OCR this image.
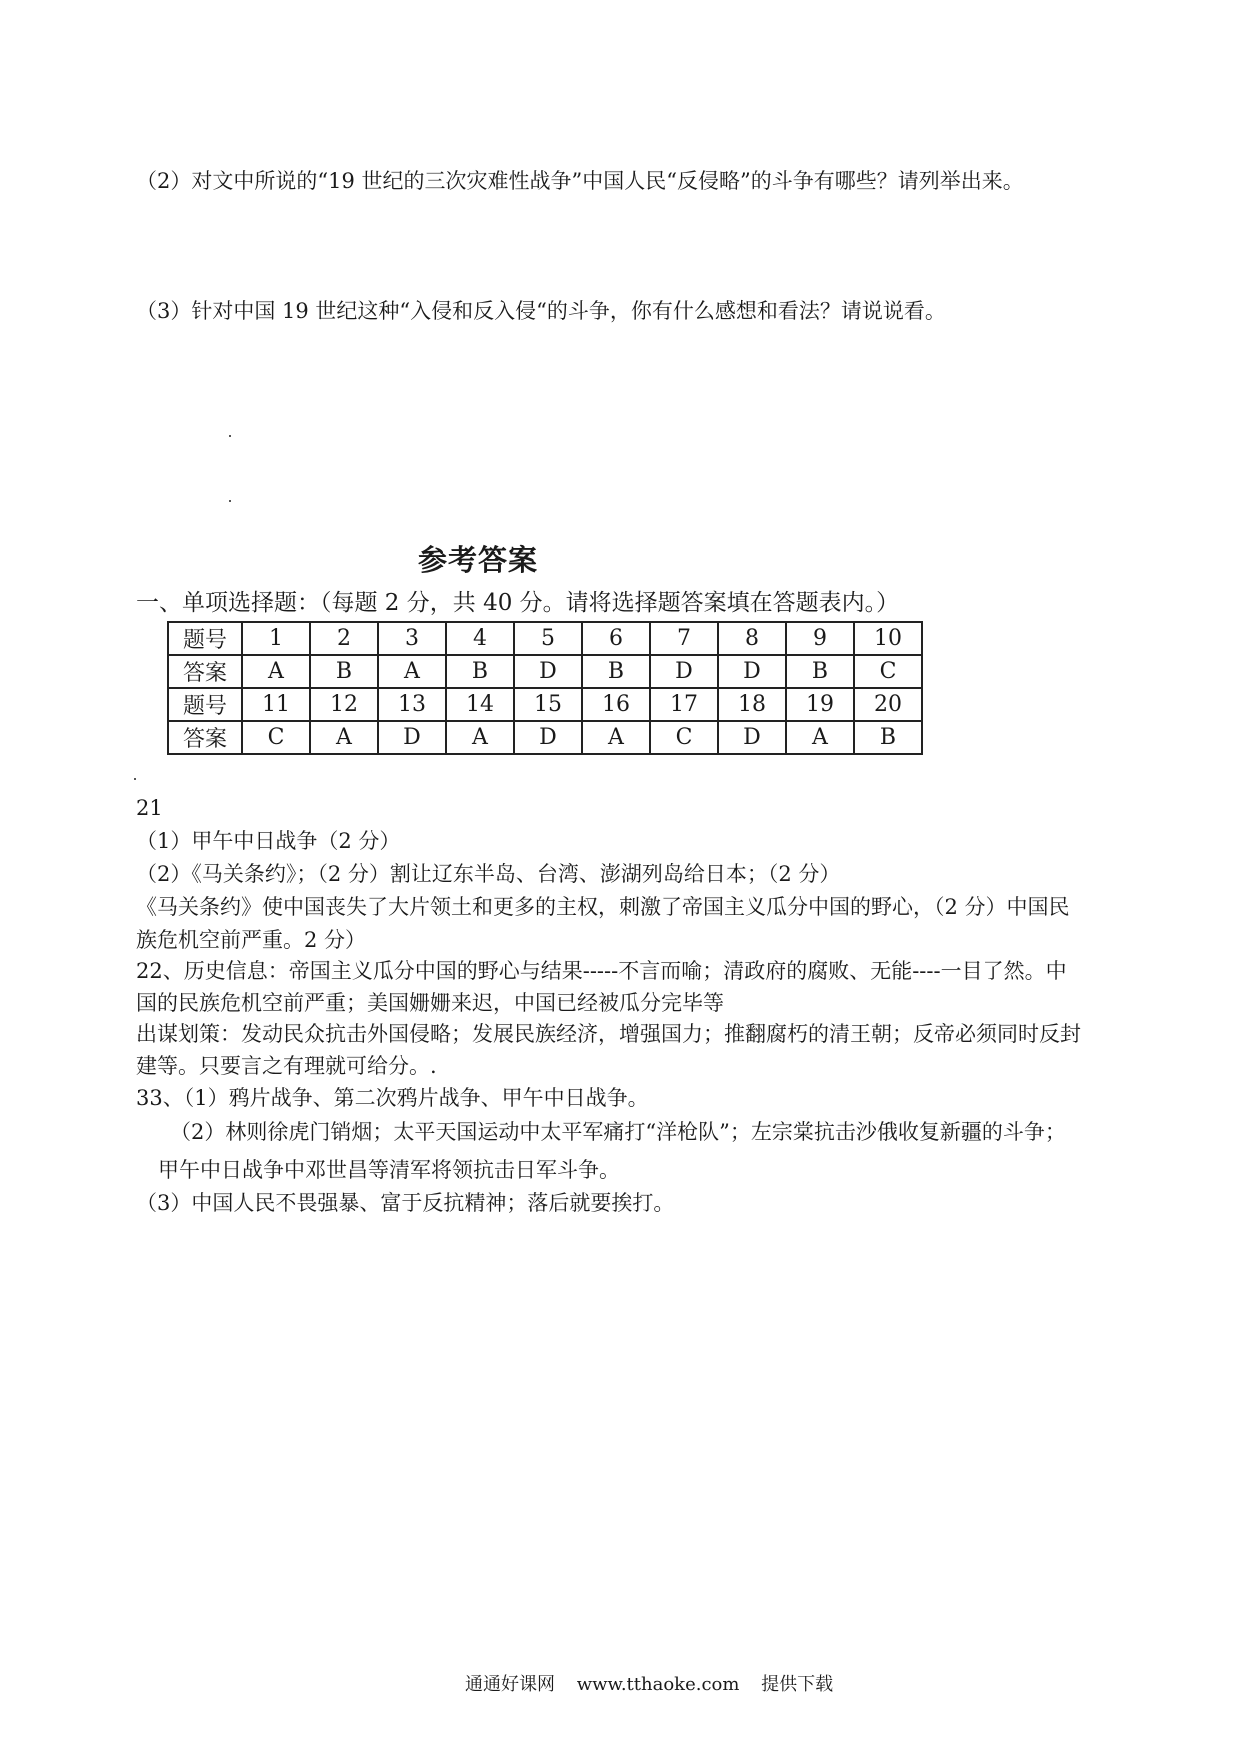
（2）对文中所说的“19 世纪的三次灾难性战争”中国人民“反侵略”的斗争有哪些？请列举出来。
（3）针对中国 19 世纪这种“入侵和反入侵“的斗争，你有什么感想和看法？请说说看。
参考答案
一、单项选择题：（每题 2 分，共 40 分。请将选择题答案填在答题表内。）
题号	1	2	3	4	5	6	7	8	9	10
答案	A	B	A	B	D	B	D	D	B	C
题号	11	12	13	14	15	16	17	18	19	20
答案	C	A	D	A	D	A	C	D	A	B
21
（1）甲午中日战争（2 分）
（2）《马关条约》；（2 分）割让辽东半岛、台湾、澎湖列岛给日本；（2 分）
《马关条约》使中国丧失了大片领土和更多的主权，刺激了帝国主义瓜分中国的野心，（2 分）中国民
族危机空前严重。2 分）
22、历史信息：帝国主义瓜分中国的野心与结果-----不言而喻；清政府的腐败、无能----一目了然。中
国的民族危机空前严重；美国姗姗来迟，中国已经被瓜分完毕等
出谋划策：发动民众抗击外国侵略；发展民族经济，增强国力；推翻腐朽的清王朝；反帝必须同时反封
建等。只要言之有理就可给分。.
33、（1）鸦片战争、第二次鸦片战争、甲午中日战争。
（2）林则徐虎门销烟；太平天国运动中太平军痛打“洋枪队”；左宗棠抗击沙俄收复新疆的斗争；
甲午中日战争中邓世昌等清军将领抗击日军斗争。
（3）中国人民不畏强暴、富于反抗精神；落后就要挨打。
通通好课网 www.tthaoke.com 提供下载
